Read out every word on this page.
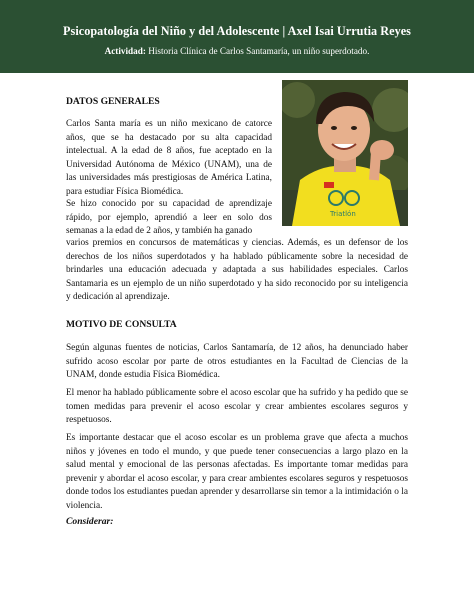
Psicopatología del Niño y del Adolescente | Axel Isai Urrutia Reyes
Actividad: Historia Clínica de Carlos Santamaría, un niño superdotado.
Triatlón
DATOS GENERALES

Carlos Santa maría es un niño mexicano de catorce años, que se ha destacado por su alta capacidad intelectual. A la edad de 8 años, fue aceptado en la Universidad Autónoma de México (UNAM), una de las universidades más prestigiosas de América Latina, para estudiar Física Biomédica.

Se hizo conocido por su capacidad de aprendizaje rápido, por ejemplo, aprendió a leer en solo dos semanas a la edad de 2 años, y también ha ganado

varios premios en concursos de matemáticas y ciencias. Además, es un defensor de los derechos de los niños superdotados y ha hablado públicamente sobre la necesidad de brindarles una educación adecuada y adaptada a sus habilidades especiales. Carlos Santamaria es un ejemplo de un niño superdotado y ha sido reconocido por su inteligencia y dedicación al aprendizaje.

MOTIVO DE CONSULTA

Según algunas fuentes de noticias, Carlos Santamaría, de 12 años, ha denunciado haber sufrido acoso escolar por parte de otros estudiantes en la Facultad de Ciencias de la UNAM, donde estudia Física Biomédica.

El menor ha hablado públicamente sobre el acoso escolar que ha sufrido y ha pedido que se tomen medidas para prevenir el acoso escolar y crear ambientes escolares seguros y respetuosos.

Es importante destacar que el acoso escolar es un problema grave que afecta a muchos niños y jóvenes en todo el mundo, y que puede tener consecuencias a largo plazo en la salud mental y emocional de las personas afectadas. Es importante tomar medidas para prevenir y abordar el acoso escolar, y para crear ambientes escolares seguros y respetuosos donde todos los estudiantes puedan aprender y desarrollarse sin temor a la intimidación o la violencia.

Considerar:
